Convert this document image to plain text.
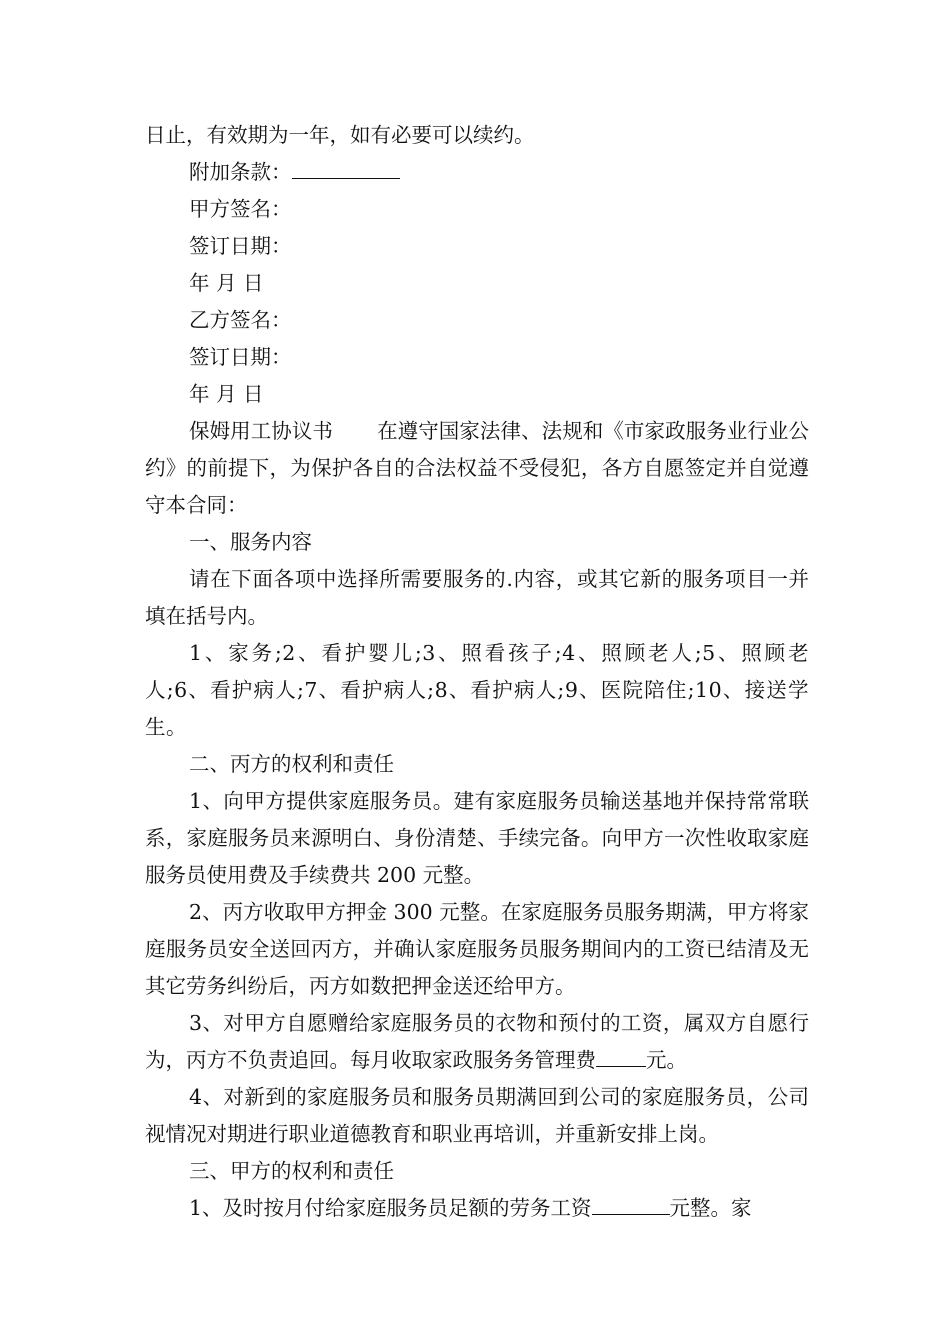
日止，有效期为一年，如有必要可以续约。
附加条款：
甲方签名：
签订日期：
年 月 日
乙方签名：
签订日期：
年 月 日

保姆用工协议书 在遵守国家法律、法规和《市家政服务业行业公约》的前提下，为保护各自的合法权益不受侵犯，各方自愿签定并自觉遵守本合同：

一、服务内容

请在下面各项中选择所需要服务的.内容，或其它新的服务项目一并填在括号内。

1、家务;2、看护婴儿;3、照看孩子;4、照顾老人;5、照顾老人;6、看护病人;7、看护病人;8、看护病人;9、医院陪住;10、接送学生。

二、丙方的权利和责任

1、向甲方提供家庭服务员。建有家庭服务员输送基地并保持常常联系，家庭服务员来源明白、身份清楚、手续完备。向甲方一次性收取家庭服务员使用费及手续费共 200 元整。

2、丙方收取甲方押金 300 元整。在家庭服务员服务期满，甲方将家庭服务员安全送回丙方，并确认家庭服务员服务期间内的工资已结清及无其它劳务纠纷后，丙方如数把押金送还给甲方。

3、对甲方自愿赠给家庭服务员的衣物和预付的工资，属双方自愿行为，丙方不负责追回。每月收取家政服务务管理费 元。

4、对新到的家庭服务员和服务员期满回到公司的家庭服务员，公司视情况对期进行职业道德教育和职业再培训，并重新安排上岗。

三、甲方的权利和责任

1、及时按月付给家庭服务员足额的劳务工资	元整。家
